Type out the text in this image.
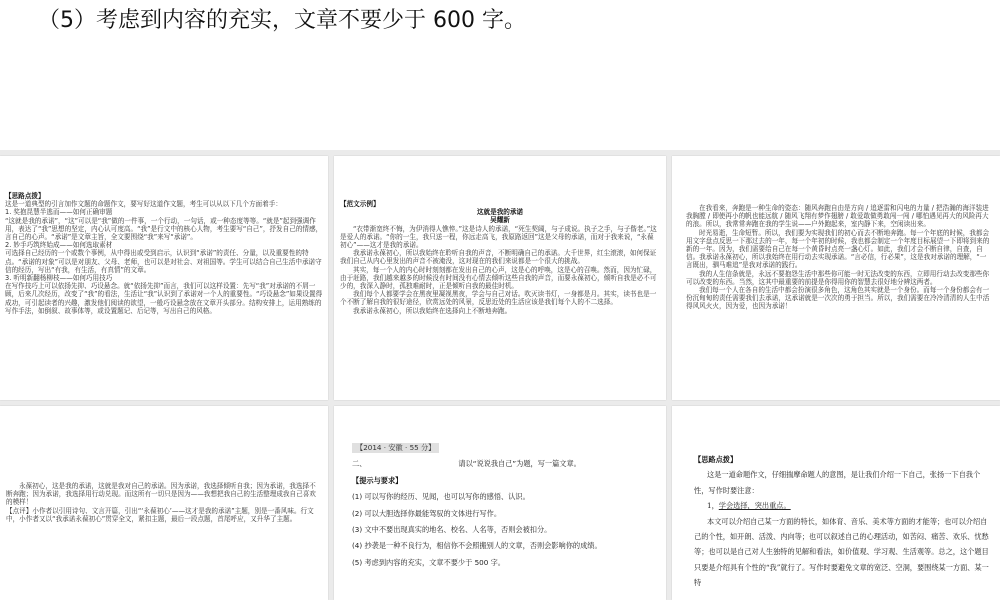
（5）考虑到内容的充实，文章不要少于 600 字。

【思路点拨】

这是一道典型的引言加作文题的命题作文，要写好这道作文题，考生可以从以下几个方面着手：

1. 奖抱昆慧半逃而——如何正确审题

“这就是我的承诺”，“这”可以是“我”做的一件事，一个行动，一句话，或一种态度等等。“就是”起到强调作用，表达了“我”思想的坚定，内心认可度高。“我”是行文中的核心人物，考生要写“自己”，抒发自己的情感，言自己的心声。“承诺”是文章主旨，全文要围绕“我”来写“承诺”。

2. 妙手巧筑终始成——如何选取素材

可选择自己经历的一个或数个事例，从中得出或受到启示，认识到“承诺”的责任、分量，以及重要性的特点。“承诺的对象”可以是对朋友、父母、老师，也可以是对社会、对祖国等。学生可以结合自己生活中承诺守信的经历，写出“有我，有生活，有真情”的文章。

3. 听明新翻杨柳枝——如何巧用技巧

在写作技巧上可以依扬先抑、巧设悬念。就“依扬先抑”而言，我们可以这样设置：先写“我”对承诺的不屑一顾，后来几次经历，改变了“我”的看法，生活让“我”认识到了承诺对一个人的重要性。“巧设悬念”如果设置得成功，可引起读者的兴趣，激发他们阅读的欲望，一般巧设悬念放在文章开头部分。结构安排上，运用熟练的写作手法，如倒叙、故事体等，或设置题记、后记等，写出自己的风格。

【范文示例】

这就是我的承诺

吴耀新

“衣带渐宽终不悔，为伊消得人憔悴。”这是诗人的承诺，“死生契阔，与子成说。执子之手，与子偕老。”这是爱人的承诺。“你的一生，我只送一程，你远走高飞，我原路返回”这是父母的承诺，而对于我来说，“永葆初心”——这才是我的承诺。

我承诺永葆初心，所以我始终在聆听自我的声音，不断明确自己的承诺。大千世界，红尘滚滚，如何保证我们自己从内心里发出的声音不被淹没，这对现在的我们来说都是一个很大的挑战。

其实，每一个人的内心时时刻刻都在发出自己的心声，这是心的呼唤，这是心的召唤。然而，因为忙碌，由于赶路，我们越来越多的时候没有时间没有心情去倾听这些自我的声音，而要永葆初心，倾听自我是必不可少的，我深入静时，孤独难耐时，正是倾听自我的最佳时机。

我们每个人都要学会在黑夜里凝视黑夜，学会与自己对话。吹灭读书灯，一身都是月。其实，读书也是一个不断了解自我的很好途径，欣赏远处的风景，反思近处的生活应该是我们每个人的不二选择。

我承诺永葆初心，所以我始终在选择向上不断地奔跑。

在我看来，奔跑是一种生命的姿态：随风奔跑自由是方向 / 追逐雷和闪电的力量 / 把浩瀚的海洋装进我胸膛 / 即使再小的帆也能远航 / 随风飞翔有梦作翅膀 / 敢爱敢做勇敢闯一闯 / 哪怕遇见再大的风险再大的浪。所以，我常常奔跑在我的学生说——户外跑起来，室内静下来，空闲读出来。

时光易逝，生命短暂。所以，我们要为实现我们的初心而去不断地奔跑。每一个年底的时候，我都会用文字盘点反思一下那过去的一年，每一个年初的时候，我也都会制定一个年度目标展望一下即将到来的新的一年。因为，我们需要给自己在每一个黄昏时点亮一盏心灯。如此，我们才会不断自律，自查，自信。我承诺永葆初心，所以我始终在用行动去实现承诺。“言必信，行必果”，这是我对承诺的理解，“一言既出，驷马难追”是我对承诺的践行。

我的人生信条就是，永远不要抱怨生活中那些你可能一时无法改变的东西，立即用行动去改变那些你可以改变的东西。当然，这其中最重要的前提是你得用你的智慧去很好地分辨这两者。

我们每一个人在各自的生活中都会扮演很多角色，这角色其实就是一个身份。而每一个身份都会有一份沉甸甸的责任需要我们去承诺，这承诺就是一次次的勇于担当。所以，我们需要在冷冷清清的人生中活得风风火火，因为爱，也因为承诺！

永葆初心，这是我的承诺，这就是我对自己的承诺。因为承诺，我选择倾听自我；因为承诺，我选择不断奔跑；因为承诺，我选择用行动兑现。而这所有一切只是因为——我想把我自己的生活整理成我自己喜欢的模样！

【点评】小作者以引用诗句、文言开篇，引出“‘永葆初心’——这才是我的承诺”主题，别是一番风味。行文中，小作者又以“我承诺永葆初心”贯穿全文，紧扣主题，最后一段点题，首尾呼应，又升华了主题。

【2014 · 安徽 · 55 分】

二、	请以“说说我自己”为题，写一篇文章。

【提示与要求】

(1) 可以写你的经历、见闻，也可以写你的感悟、认识。

(2) 可以大胆选择你最能驾驭的文体进行写作。

(3) 文中不要出现真实的地名、校名、人名等，否则会被扣分。

(4) 抄袭是一种不良行为，相信你不会照搬别人的文章，否则会影响你的成绩。

(5) 考虑到内容的充实，文章不要少于 500 字。

【思路点拨】

这是一道命题作文，仔细揣摩命题人的意图，是让我们介绍一下自己，张扬一下自我个性，写作时要注意：

1，学会选择，突出重点。

本文可以介绍自己某一方面的特长，如体育、音乐、美术等方面的才能等；也可以介绍自己的个性，如开朗、活泼、内向等；也可以叙述自己的心理活动，如苦闷、痛苦、欢乐、忧愁等；也可以是自己对人生独特的见解和看法，如价值观、学习观、生活观等。总之，这个题目只要是介绍具有个性的“我”就行了。写作时要避免文章的宽泛、空洞，要围绕某一方面、某一特
